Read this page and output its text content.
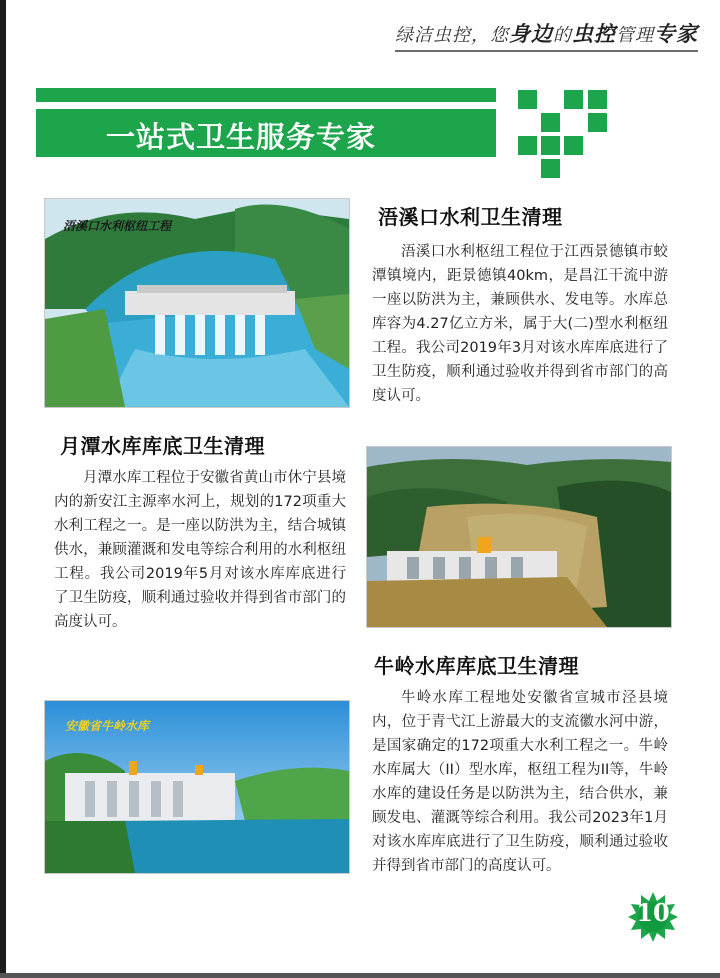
绿洁虫控，您身边的虫控管理专家
一站式卫生服务专家
浯溪口水利枢纽工程	浯溪口水利卫生清理

浯溪口水利枢纽工程位于江西景德镇市蛟潭镇境内，距景德镇40km，是昌江干流中游一座以防洪为主，兼顾供水、发电等。水库总库容为4.27亿立方米，属于大(二)型水利枢纽工程。我公司2019年3月对该水库库底进行了卫生防疫，顺利通过验收并得到省市部门的高度认可。

月潭水库库底卫生清理

月潭水库工程位于安徽省黄山市休宁县境内的新安江主源率水河上，规划的172项重大水利工程之一。是一座以防洪为主，结合城镇供水，兼顾灌溉和发电等综合利用的水利枢纽工程。我公司2019年5月对该水库库底进行了卫生防疫，顺利通过验收并得到省市部门的高度认可。

牛岭水库库底卫生清理

牛岭水库工程地处安徽省宣城市泾县境内，位于青弋江上游最大的支流徽水河中游，是国家确定的172项重大水利工程之一。牛岭水库属大（II）型水库，枢纽工程为II等，牛岭水库的建设任务是以防洪为主，结合供水，兼顾发电、灌溉等综合利用。我公司2023年1月对该水库库底进行了卫生防疫，顺利通过验收并得到省市部门的高度认可。

安徽省牛岭水库
10
